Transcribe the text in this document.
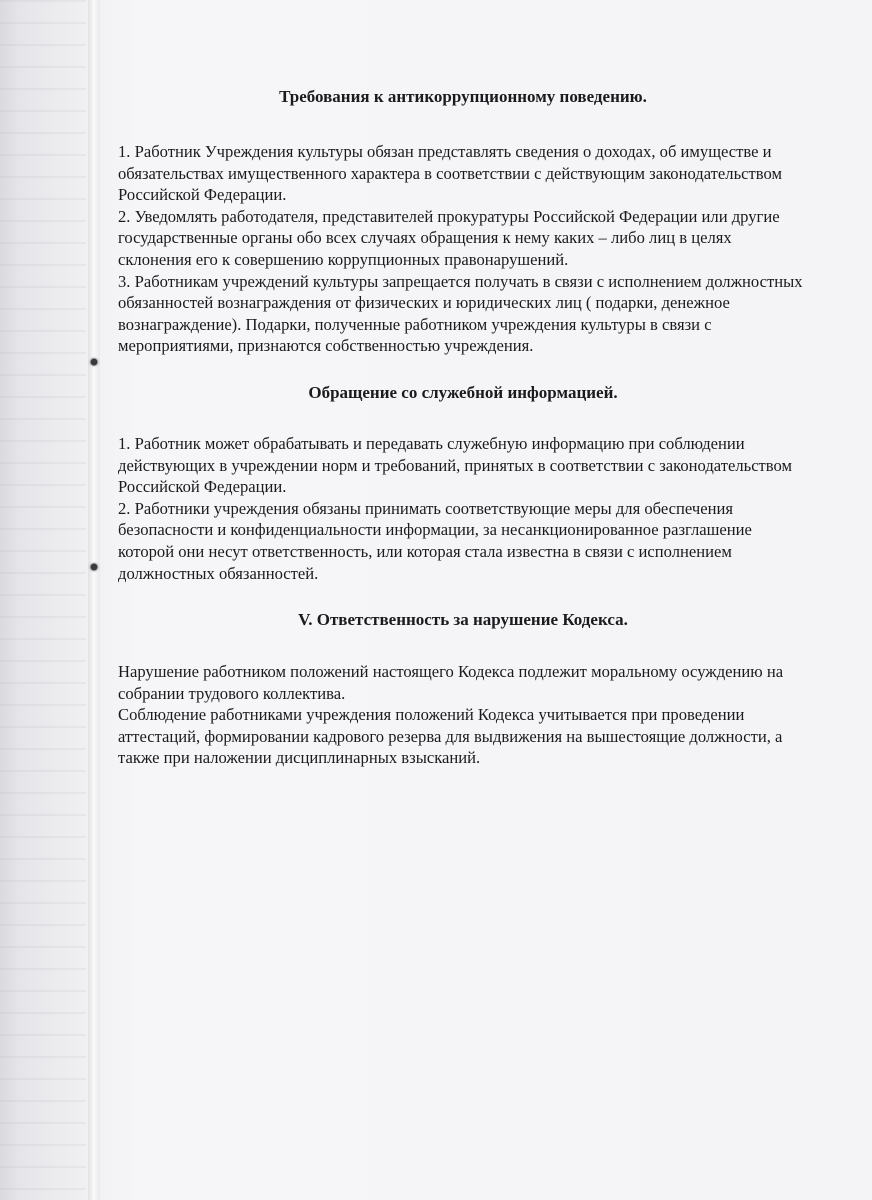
Требования к антикоррупционному поведению.

1. Работник Учреждения культуры обязан представлять сведения о доходах, об имуществе и обязательствах имущественного характера в соответствии с действующим законодательством Российской Федерации.

2. Уведомлять работодателя, представителей прокуратуры Российской Федерации или другие государственные органы обо всех случаях обращения к нему каких – либо лиц в целях склонения его к совершению коррупционных правонарушений.

3. Работникам учреждений культуры запрещается получать в связи с исполнением должностных обязанностей вознаграждения от физических и юридических лиц ( подарки, денежное вознаграждение). Подарки, полученные работником учреждения культуры в связи с мероприятиями, признаются собственностью учреждения.

Обращение со служебной информацией.

1. Работник может обрабатывать и передавать служебную информацию при соблюдении действующих в учреждении норм и требований, принятых в соответствии с законодательством Российской Федерации.

2. Работники учреждения обязаны принимать соответствующие меры для обеспечения безопасности и конфиденциальности информации, за несанкционированное разглашение которой они несут ответственность, или которая стала известна в связи с исполнением должностных обязанностей.

V. Ответственность за нарушение Кодекса.

Нарушение работником положений настоящего Кодекса подлежит моральному осуждению на собрании трудового коллектива.

Соблюдение работниками учреждения положений Кодекса учитывается при проведении аттестаций, формировании кадрового резерва для выдвижения на вышестоящие должности, а также при наложении дисциплинарных взысканий.
